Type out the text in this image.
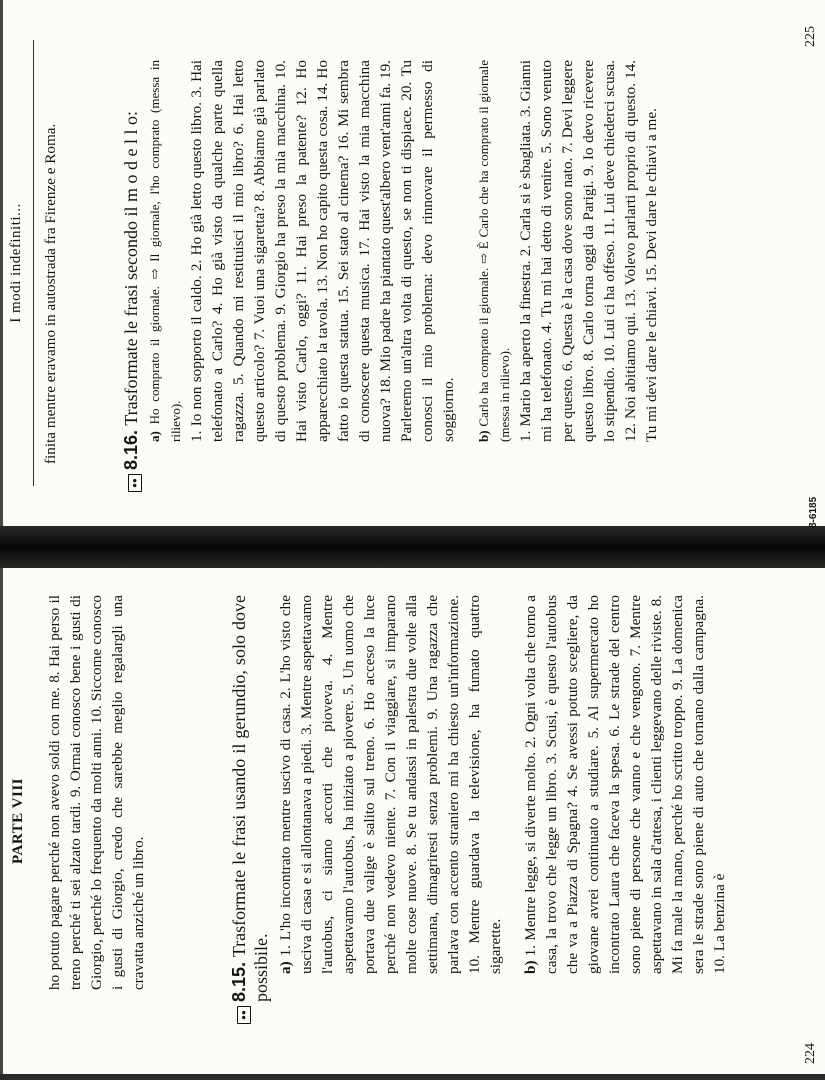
PARTE VIII ho potuto pagare perché non avevo soldi con me. 8. Hai perso il treno perché ti sei alzato tardi. 9. Ormai conosco bene i gusti di Giorgio, perché lo frequento da molti anni. 10. Siccome conosco i gusti di Giorgio, credo che sarebbe meglio regalargli una cravatta anziché un libro.

●●

8.15. Trasformate le frasi usando il gerundio, solo dove possibile. a) 1. L'ho incontrato mentre uscivo di casa. 2. L'ho visto che usciva di casa e si allontanava a piedi. 3. Mentre aspettavamo l'autobus, ci siamo accorti che pioveva. 4. Mentre aspettavamo l'autobus, ha iniziato a piovere. 5. Un uomo che portava due valige è salito sul treno. 6. Ho acceso la luce perché non vedevo niente. 7. Con il viaggiare, si imparano molte cose nuove. 8. Se tu andassi in palestra due volte alla settimana, dimagriresti senza problemi. 9. Una ragazza che parlava con accento straniero mi ha chiesto un'informazione. 10. Mentre guardava la televisione, ha fumato quattro sigarette. b) 1. Mentre legge, si diverte molto. 2. Ogni volta che torno a casa, la trovo che legge un libro. 3. Scusi, è questo l'autobus che va a Piazza di Spagna? 4. Se avessi potuto scegliere, da giovane avrei continuato a studiare. 5. Al supermercato ho incontrato Laura che faceva la spesa. 6. Le strade del centro sono piene di persone che vanno e che vengono. 7. Mentre aspettavano in sala d'attesa, i clienti leggevano delle riviste. 8. Mi fa male la mano, perché ho scritto troppo. 9. La domenica sera le strade sono piene di auto che tornano dalla campagna. 10. La benzina è

224
I modi indefiniti... finita mentre eravamo in autostrada fra Firenze e Roma.

●●

8.16. Trasformate le frasi secondo il m o d e l l o:

a) Ho comprato il giornale. ⇨ Il giornale, l'ho comprato (messa in rilievo). 1. Io non sopporto il caldo. 2. Ho già letto questo libro. 3. Hai telefonato a Carlo? 4. Ho già visto da qualche parte quella ragazza. 5. Quando mi restituisci il mio libro? 6. Hai letto questo articolo? 7. Vuoi una sigaretta? 8. Abbiamo già parlato di questo problema. 9. Giorgio ha preso la mia macchina. 10. Hai visto Carlo, oggi? 11. Hai preso la patente? 12. Ho apparecchiato la tavola. 13. Non ho capito questa cosa. 14. Ho fatto io questa statua. 15. Sei stato al cinema? 16. Mi sembra di conoscere questa musica. 17. Hai visto la mia macchina nuova? 18. Mio padre ha piantato quest'albero vent'anni fa. 19. Parleremo un'altra volta di questo, se non ti dispiace. 20. Tu conosci il mio problema: devo rinnovare il permesso di soggiorno. b) Carlo ha comprato il giornale. ⇨ È Carlo che ha comprato il giornale (messa in rilievo). 1. Mario ha aperto la finestra. 2. Carla si è sbagliata. 3. Gianni mi ha telefonato. 4. Tu mi hai detto di venire. 5. Sono venuto per questo. 6. Questa è la casa dove sono nato. 7. Devi leggere questo libro. 8. Carlo torna oggi da Parigi. 9. Io devo ricevere lo stipendio. 10. Lui ci ha offeso. 11. Lui deve chiederci scusa. 12. Noi abitiamo qui. 13. Volevo parlarti proprio di questo. 14. Tu mi devi dare le chiavi. 15. Devi dare le chiavi a me.

8-6185
225
